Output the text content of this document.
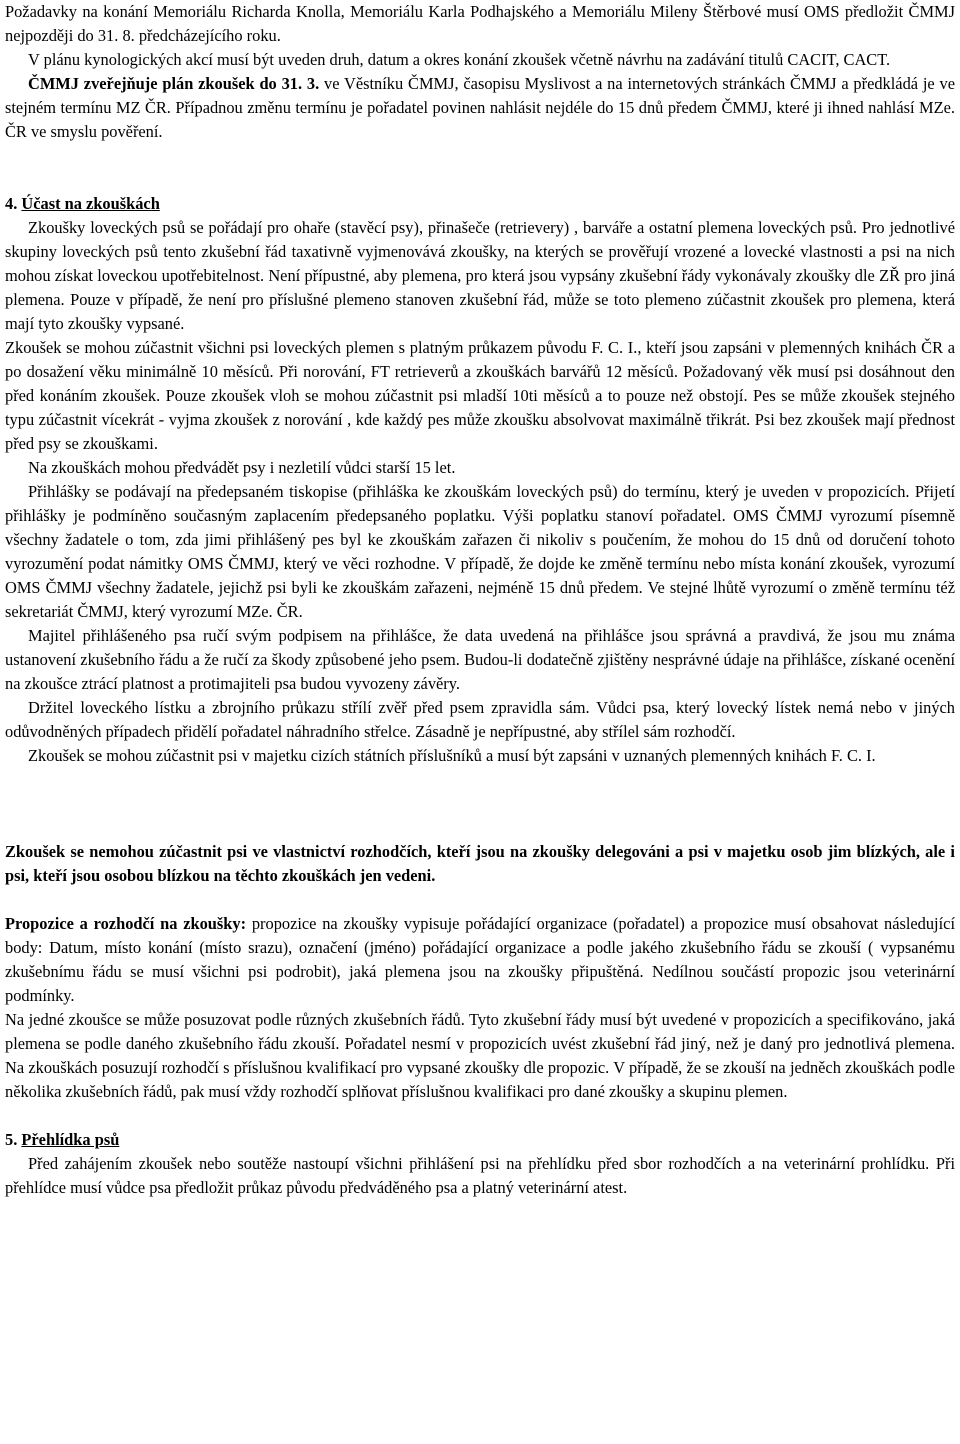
Požadavky na konání Memoriálu Richarda Knolla, Memoriálu Karla Podhajského a Memoriálu Mileny Štěrbové musí OMS předložit ČMMJ nejpozději do 31. 8. předcházejícího roku.

V plánu kynologických akcí musí být uveden druh, datum a okres konání zkoušek včetně návrhu na zadávání titulů CACIT, CACT.

ČMMJ zveřejňuje plán zkoušek do 31. 3. ve Věstníku ČMMJ, časopisu Myslivost a na internetových stránkách ČMMJ a předkládá je ve stejném termínu MZ ČR. Případnou změnu termínu je pořadatel povinen nahlásit nejdéle do 15 dnů předem ČMMJ, které ji ihned nahlásí MZe. ČR ve smyslu pověření.

4. Účast na zkouškách

Zkoušky loveckých psů se pořádají pro ohaře (stavěcí psy), přinašeče (retrievery) , barváře a ostatní plemena loveckých psů. Pro jednotlivé skupiny loveckých psů tento zkušební řád taxativně vyjmenovává zkoušky, na kterých se prověřují vrozené a lovecké vlastnosti a psi na nich mohou získat loveckou upotřebitelnost. Není přípustné, aby plemena, pro která jsou vypsány zkušební řády vykonávaly zkoušky dle ZŘ pro jiná plemena. Pouze v případě, že není pro příslušné plemeno stanoven zkušební řád, může se toto plemeno zúčastnit zkoušek pro plemena, která mají tyto zkoušky vypsané.

Zkoušek se mohou zúčastnit všichni psi loveckých plemen s platným průkazem původu F. C. I., kteří jsou zapsáni v plemenných knihách ČR a po dosažení věku minimálně 10 měsíců. Při norování, FT retrieverů a zkouškách barvářů 12 měsíců. Požadovaný věk musí psi dosáhnout den před konáním zkoušek. Pouze zkoušek vloh se mohou zúčastnit psi mladší 10ti měsíců a to pouze než obstojí. Pes se může zkoušek stejného typu zúčastnit vícekrát - vyjma zkoušek z norování , kde každý pes může zkoušku absolvovat maximálně třikrát. Psi bez zkoušek mají přednost před psy se zkouškami.

Na zkouškách mohou předvádět psy i nezletilí vůdci starší 15 let.

Přihlášky se podávají na předepsaném tiskopise (přihláška ke zkouškám loveckých psů) do termínu, který je uveden v propozicích. Přijetí přihlášky je podmíněno současným zaplacením předepsaného poplatku. Výši poplatku stanoví pořadatel. OMS ČMMJ vyrozumí písemně všechny žadatele o tom, zda jimi přihlášený pes byl ke zkouškám zařazen či nikoliv s poučením, že mohou do 15 dnů od doručení tohoto vyrozumění podat námitky OMS ČMMJ, který ve věci rozhodne. V případě, že dojde ke změně termínu nebo místa konání zkoušek, vyrozumí OMS ČMMJ všechny žadatele, jejichž psi byli ke zkouškám zařazeni, nejméně 15 dnů předem. Ve stejné lhůtě vyrozumí o změně termínu též sekretariát ČMMJ, který vyrozumí MZe. ČR.

Majitel přihlášeného psa ručí svým podpisem na přihlášce, že data uvedená na přihlášce jsou správná a pravdivá, že jsou mu známa ustanovení zkušebního řádu a že ručí za škody způsobené jeho psem. Budou-li dodatečně zjištěny nesprávné údaje na přihlášce, získané ocenění na zkoušce ztrácí platnost a protimajiteli psa budou vyvozeny závěry.

Držitel loveckého lístku a zbrojního průkazu střílí zvěř před psem zpravidla sám. Vůdci psa, který lovecký lístek nemá nebo v jiných odůvodněných případech přidělí pořadatel náhradního střelce. Zásadně je nepřípustné, aby střílel sám rozhodčí.

Zkoušek se mohou zúčastnit psi v majetku cizích státních příslušníků a musí být zapsáni v uznaných plemenných knihách F. C. I.

Zkoušek se nemohou zúčastnit psi ve vlastnictví rozhodčích, kteří jsou na zkoušky delegováni a psi v majetku osob jim blízkých, ale i psi, kteří jsou osobou blízkou na těchto zkouškách jen vedeni.

Propozice a rozhodčí na zkoušky: propozice na zkoušky vypisuje pořádající organizace (pořadatel) a propozice musí obsahovat následující body: Datum, místo konání (místo srazu), označení (jméno) pořádající organizace a podle jakého zkušebního řádu se zkouší ( vypsanému zkušebnímu řádu se musí všichni psi podrobit), jaká plemena jsou na zkoušky připuštěná. Nedílnou součástí propozic jsou veterinární podmínky.

Na jedné zkoušce se může posuzovat podle různých zkušebních řádů. Tyto zkušební řády musí být uvedené v propozicích a specifikováno, jaká plemena se podle daného zkušebního řádu zkouší. Pořadatel nesmí v propozicích uvést zkušební řád jiný, než je daný pro jednotlivá plemena. Na zkouškách posuzují rozhodčí s příslušnou kvalifikací pro vypsané zkoušky dle propozic. V případě, že se zkouší na jedněch zkouškách podle několika zkušebních řádů, pak musí vždy rozhodčí splňovat příslušnou kvalifikaci pro dané zkoušky a skupinu plemen.

5. Přehlídka psů

Před zahájením zkoušek nebo soutěže nastoupí všichni přihlášení psi na přehlídku před sbor rozhodčích a na veterinární prohlídku. Při přehlídce musí vůdce psa předložit průkaz původu předváděného psa a platný veterinární atest.
